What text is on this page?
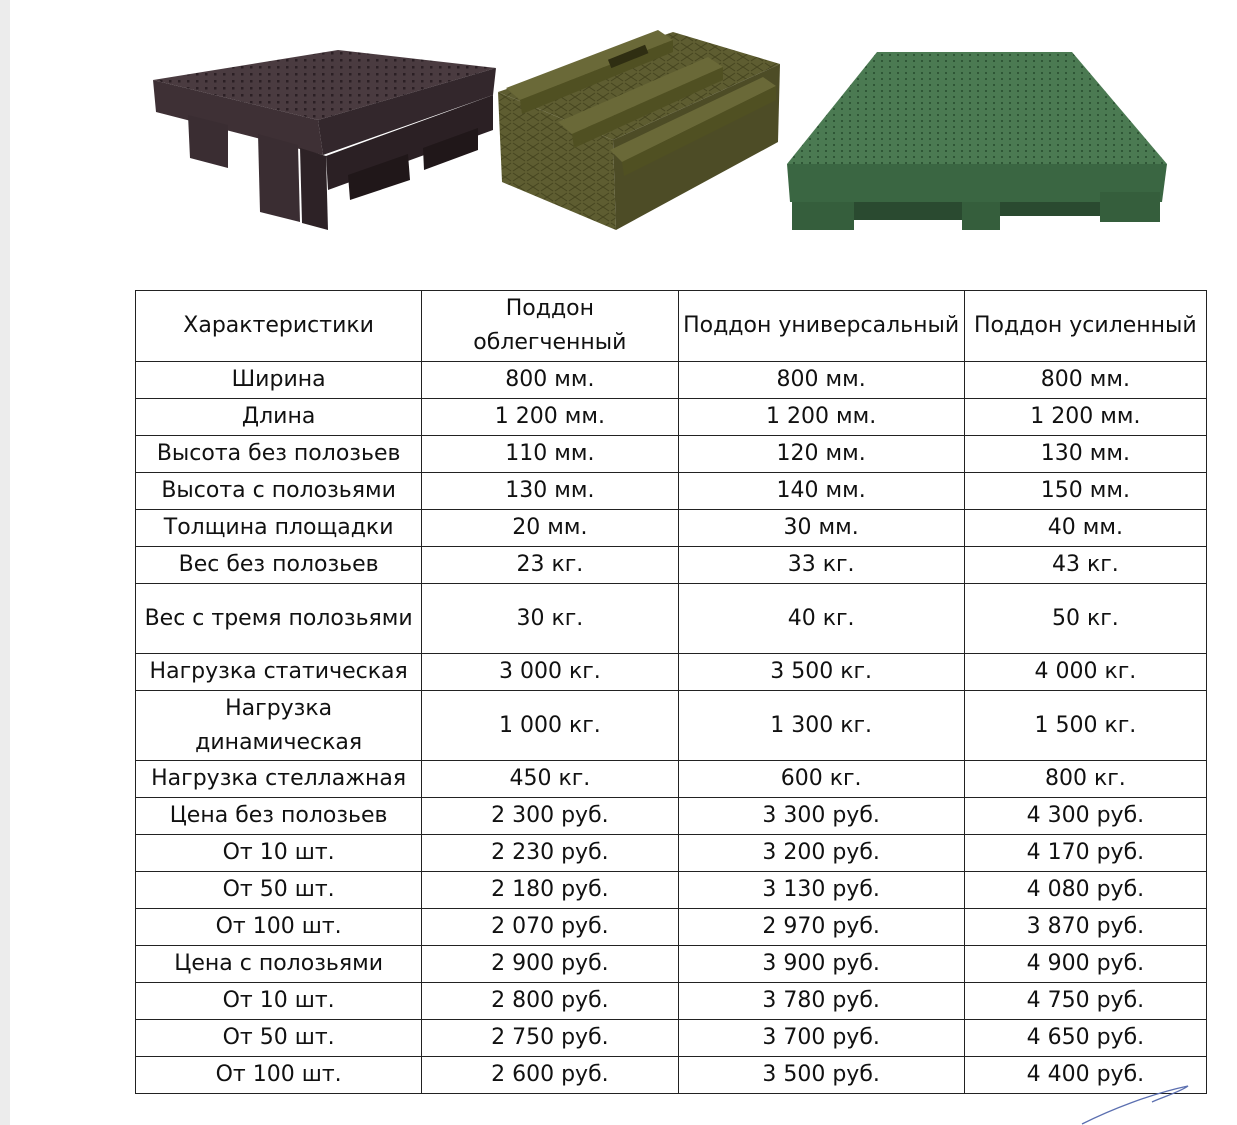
Характеристики	Поддон облегченный	Поддон универсальный	Поддон усиленный
Ширина	800 мм.	800 мм.	800 мм.
Длина	1 200 мм.	1 200 мм.	1 200 мм.
Высота без полозьев	110 мм.	120 мм.	130 мм.
Высота с полозьями	130 мм.	140 мм.	150 мм.
Толщина площадки	20 мм.	30 мм.	40 мм.
Вес без полозьев	23 кг.	33 кг.	43 кг.
Вес с тремя полозьями	30 кг.	40 кг.	50 кг.
Нагрузка статическая	3 000 кг.	3 500 кг.	4 000 кг.
Нагрузка динамическая	1 000 кг.	1 300 кг.	1 500 кг.
Нагрузка стеллажная	450 кг.	600 кг.	800 кг.
Цена без полозьев	2 300 руб.	3 300 руб.	4 300 руб.
От 10 шт.	2 230 руб.	3 200 руб.	4 170 руб.
От 50 шт.	2 180 руб.	3 130 руб.	4 080 руб.
От 100 шт.	2 070 руб.	2 970 руб.	3 870 руб.
Цена с полозьями	2 900 руб.	3 900 руб.	4 900 руб.
От 10 шт.	2 800 руб.	3 780 руб.	4 750 руб.
От 50 шт.	2 750 руб.	3 700 руб.	4 650 руб.
От 100 шт.	2 600 руб.	3 500 руб.	4 400 руб.
